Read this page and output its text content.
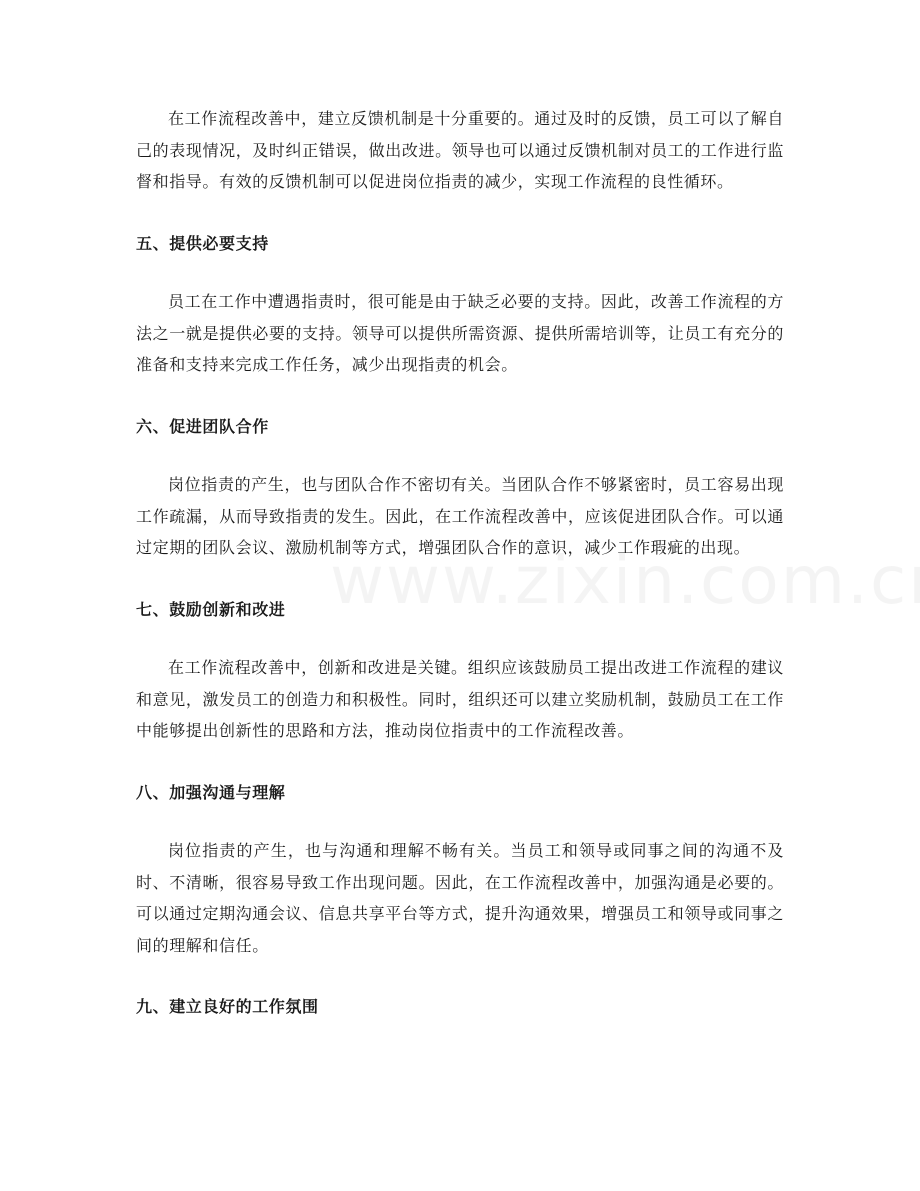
在工作流程改善中，建立反馈机制是十分重要的。通过及时的反馈，员工可以了解自己的表现情况，及时纠正错误，做出改进。领导也可以通过反馈机制对员工的工作进行监督和指导。有效的反馈机制可以促进岗位指责的减少，实现工作流程的良性循环。

五、提供必要支持

员工在工作中遭遇指责时，很可能是由于缺乏必要的支持。因此，改善工作流程的方法之一就是提供必要的支持。领导可以提供所需资源、提供所需培训等，让员工有充分的准备和支持来完成工作任务，减少出现指责的机会。

六、促进团队合作

岗位指责的产生，也与团队合作不密切有关。当团队合作不够紧密时，员工容易出现工作疏漏，从而导致指责的发生。因此，在工作流程改善中，应该促进团队合作。可以通过定期的团队会议、激励机制等方式，增强团队合作的意识，减少工作瑕疵的出现。

七、鼓励创新和改进

在工作流程改善中，创新和改进是关键。组织应该鼓励员工提出改进工作流程的建议和意见，激发员工的创造力和积极性。同时，组织还可以建立奖励机制，鼓励员工在工作中能够提出创新性的思路和方法，推动岗位指责中的工作流程改善。

八、加强沟通与理解

岗位指责的产生，也与沟通和理解不畅有关。当员工和领导或同事之间的沟通不及时、不清晰，很容易导致工作出现问题。因此，在工作流程改善中，加强沟通是必要的。可以通过定期沟通会议、信息共享平台等方式，提升沟通效果，增强员工和领导或同事之间的理解和信任。

九、建立良好的工作氛围
